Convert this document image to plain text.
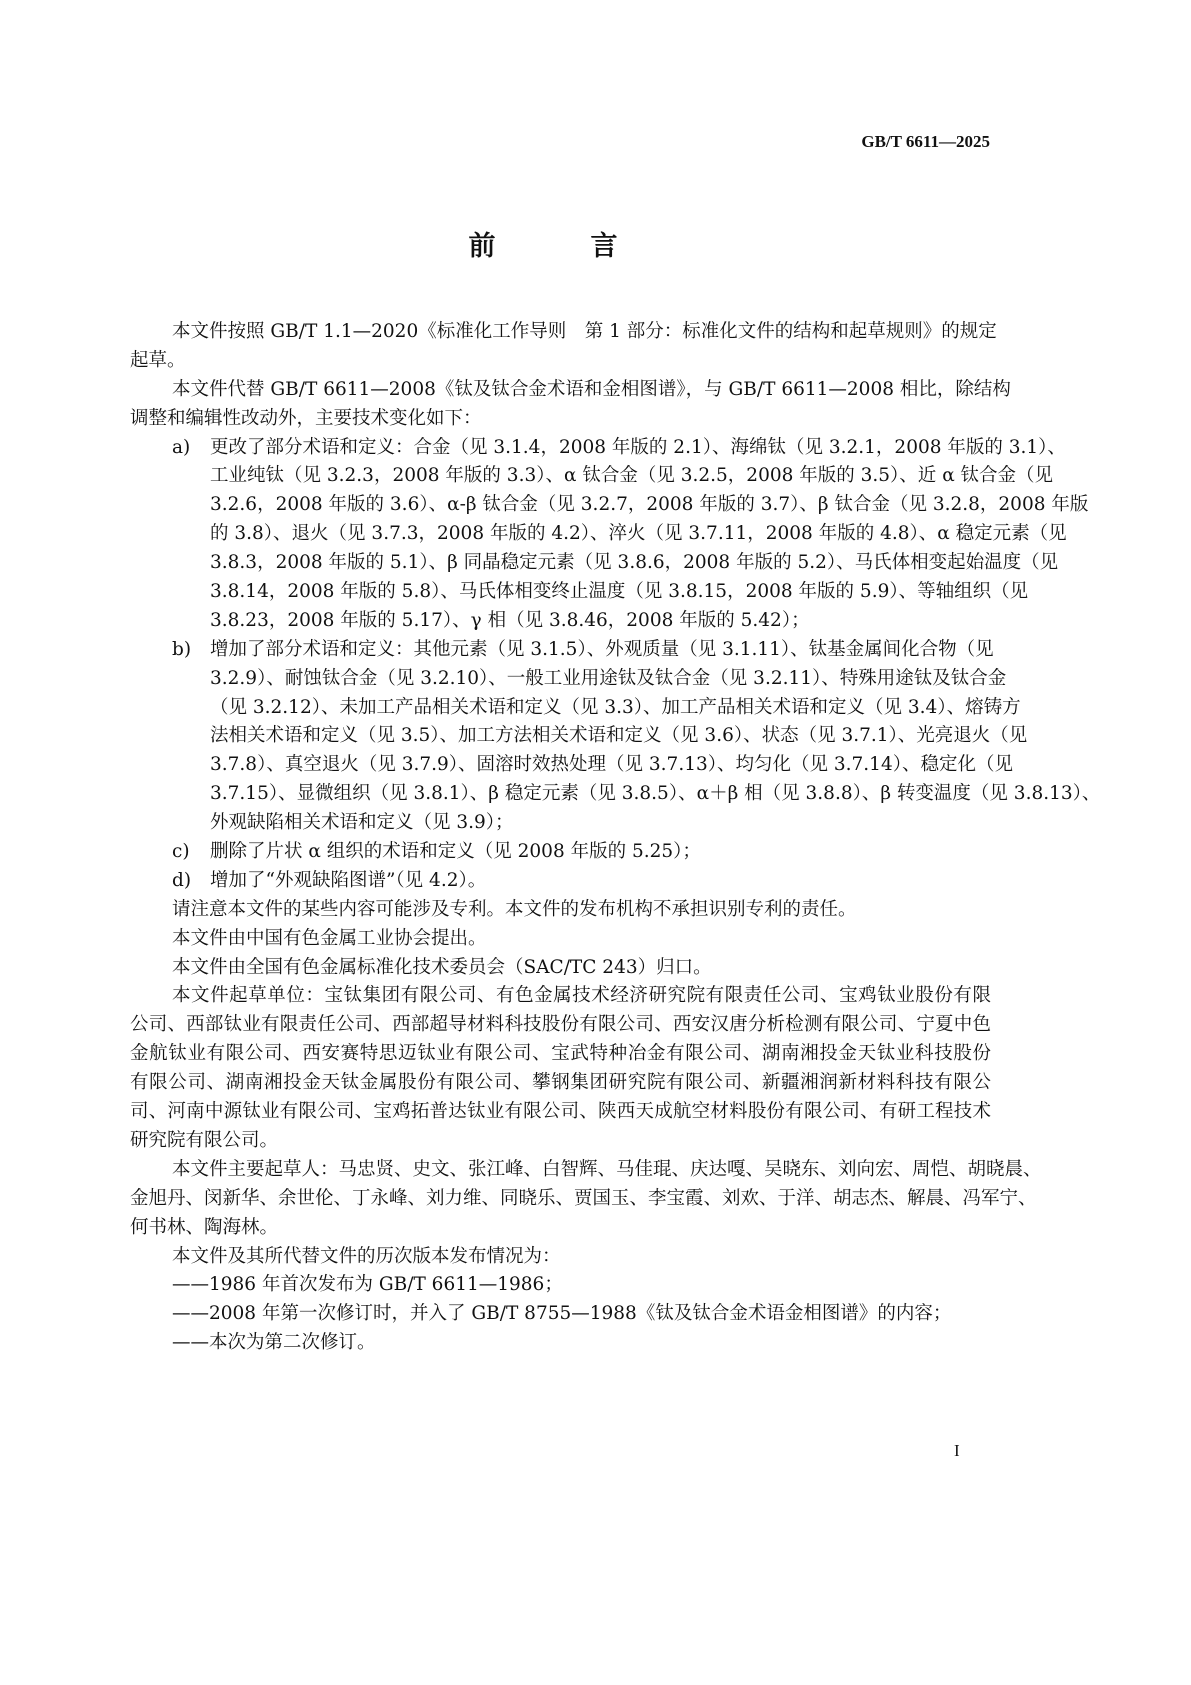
GB/T 6611—2025
前　言
本文件按照 GB/T 1.1—2020《标准化工作导则　第 1 部分：标准化文件的结构和起草规则》的规定
起草。
本文件代替 GB/T 6611—2008《钛及钛合金术语和金相图谱》，与 GB/T 6611—2008 相比，除结构
调整和编辑性改动外，主要技术变化如下：
a) 更改了部分术语和定义：合金（见 3.1.4，2008 年版的 2.1）、海绵钛（见 3.2.1，2008 年版的 3.1）、
工业纯钛（见 3.2.3，2008 年版的 3.3）、α 钛合金（见 3.2.5，2008 年版的 3.5）、近 α 钛合金（见
3.2.6，2008 年版的 3.6）、α-β 钛合金（见 3.2.7，2008 年版的 3.7）、β 钛合金（见 3.2.8，2008 年版
的 3.8）、退火（见 3.7.3，2008 年版的 4.2）、淬火（见 3.7.11，2008 年版的 4.8）、α 稳定元素（见
3.8.3，2008 年版的 5.1）、β 同晶稳定元素（见 3.8.6，2008 年版的 5.2）、马氏体相变起始温度（见
3.8.14，2008 年版的 5.8）、马氏体相变终止温度（见 3.8.15，2008 年版的 5.9）、等轴组织（见
3.8.23，2008 年版的 5.17）、γ 相（见 3.8.46，2008 年版的 5.42）；
b) 增加了部分术语和定义：其他元素（见 3.1.5）、外观质量（见 3.1.11）、钛基金属间化合物（见
3.2.9）、耐蚀钛合金（见 3.2.10）、一般工业用途钛及钛合金（见 3.2.11）、特殊用途钛及钛合金
（见 3.2.12）、未加工产品相关术语和定义（见 3.3）、加工产品相关术语和定义（见 3.4）、熔铸方
法相关术语和定义（见 3.5）、加工方法相关术语和定义（见 3.6）、状态（见 3.7.1）、光亮退火（见
3.7.8）、真空退火（见 3.7.9）、固溶时效热处理（见 3.7.13）、均匀化（见 3.7.14）、稳定化（见
3.7.15）、显微组织（见 3.8.1）、β 稳定元素（见 3.8.5）、α＋β 相（见 3.8.8）、β 转变温度（见 3.8.13）、
外观缺陷相关术语和定义（见 3.9）；
c) 删除了片状 α 组织的术语和定义（见 2008 年版的 5.25）；
d) 增加了“外观缺陷图谱”（见 4.2）。
请注意本文件的某些内容可能涉及专利。本文件的发布机构不承担识别专利的责任。
本文件由中国有色金属工业协会提出。
本文件由全国有色金属标准化技术委员会（SAC/TC 243）归口。
本文件起草单位：宝钛集团有限公司、有色金属技术经济研究院有限责任公司、宝鸡钛业股份有限
公司、西部钛业有限责任公司、西部超导材料科技股份有限公司、西安汉唐分析检测有限公司、宁夏中色
金航钛业有限公司、西安赛特思迈钛业有限公司、宝武特种冶金有限公司、湖南湘投金天钛业科技股份
有限公司、湖南湘投金天钛金属股份有限公司、攀钢集团研究院有限公司、新疆湘润新材料科技有限公
司、河南中源钛业有限公司、宝鸡拓普达钛业有限公司、陕西天成航空材料股份有限公司、有研工程技术
研究院有限公司。
本文件主要起草人：马忠贤、史文、张江峰、白智辉、马佳琨、庆达嘎、吴晓东、刘向宏、周恺、胡晓晨、
金旭丹、闵新华、余世伦、丁永峰、刘力维、同晓乐、贾国玉、李宝霞、刘欢、于洋、胡志杰、解晨、冯军宁、
何书林、陶海林。
本文件及其所代替文件的历次版本发布情况为：
——1986 年首次发布为 GB/T 6611—1986；
——2008 年第一次修订时，并入了 GB/T 8755—1988《钛及钛合金术语金相图谱》的内容；
——本次为第二次修订。
I
